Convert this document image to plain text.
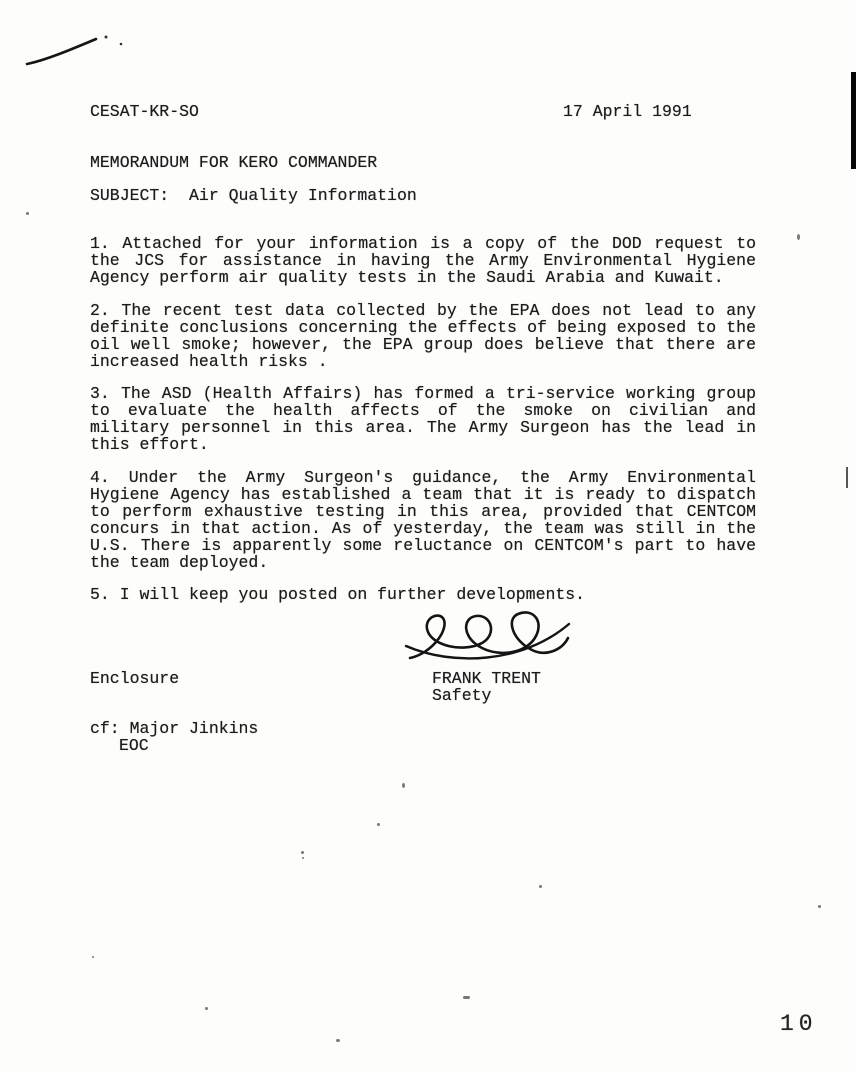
CESAT-KR-SO	17 April 1991
MEMORANDUM FOR KERO COMMANDER
SUBJECT:  Air Quality Information

1. Attached for your information is a copy of the DOD request to the JCS for assistance in having the Army Environmental Hygiene Agency perform air quality tests in the Saudi Arabia and Kuwait.

2. The recent test data collected by the EPA does not lead to any definite conclusions concerning the effects of being exposed to the oil well smoke; however, the EPA group does believe that there are increased health risks .

3. The ASD (Health Affairs) has formed a tri-service working group to evaluate the health affects of the smoke on civilian and military personnel in this area. The Army Surgeon has the lead in this effort.

4. Under the Army Surgeon's guidance, the Army Environmental Hygiene Agency has established a team that it is ready to dispatch to perform exhaustive testing in this area, provided that CENTCOM concurs in that action. As of yesterday, the team was still in the U.S. There is apparently some reluctance on CENTCOM's part to have the team deployed.

5. I will keep you posted on further developments.

Enclosure	FRANK TRENT
Safety
cf: Major Jinkins
EOC
10
